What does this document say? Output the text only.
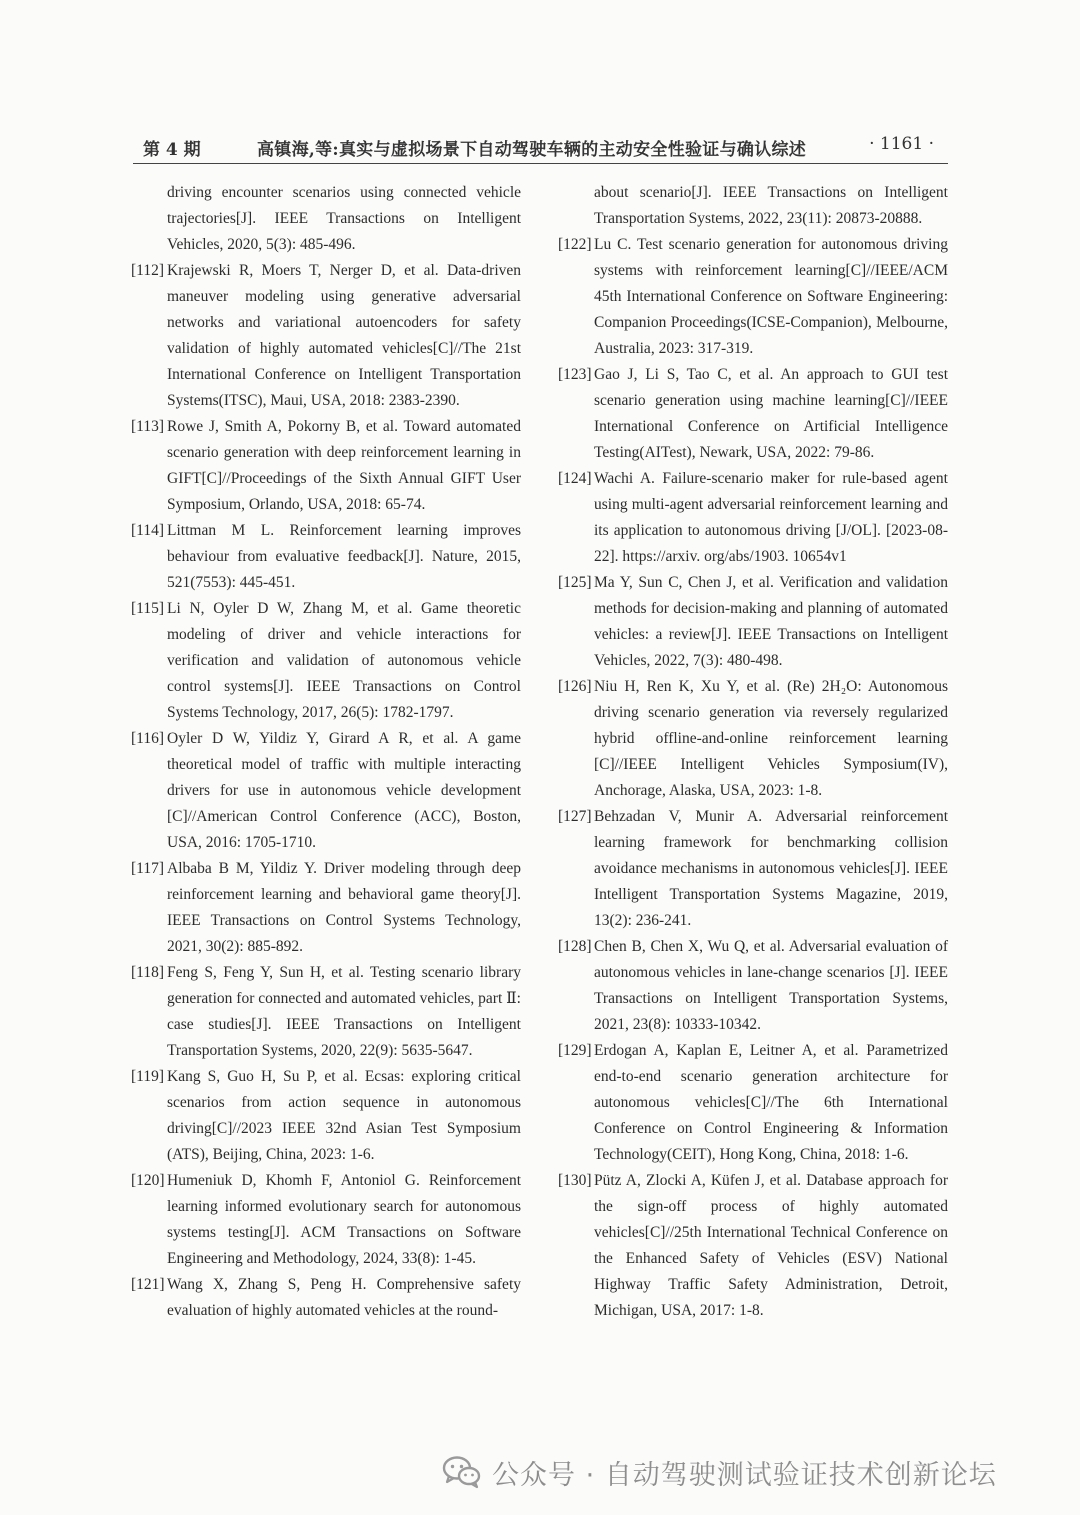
第 4 期	高镇海,等:真实与虚拟场景下自动驾驶车辆的主动安全性验证与确认综述	· 1161 ·
driving encounter scenarios using connected vehicle trajectories[J]. IEEE Transactions on Intelligent Vehicles, 2020, 5(3): 485-496.
[112] Krajewski R, Moers T, Nerger D, et al. Data-driven maneuver modeling using generative adversarial networks and variational autoencoders for safety validation of highly automated vehicles[C]//The 21st International Conference on Intelligent Transportation Systems(ITSC), Maui, USA, 2018: 2383-2390.
[113] Rowe J, Smith A, Pokorny B, et al. Toward automated scenario generation with deep reinforcement learning in GIFT[C]//Proceedings of the Sixth Annual GIFT User Symposium, Orlando, USA, 2018: 65-74.
[114] Littman M L. Reinforcement learning improves behaviour from evaluative feedback[J]. Nature, 2015, 521(7553): 445-451.
[115] Li N, Oyler D W, Zhang M, et al. Game theoretic modeling of driver and vehicle interactions for verification and validation of autonomous vehicle control systems[J]. IEEE Transactions on Control Systems Technology, 2017, 26(5): 1782-1797.
[116] Oyler D W, Yildiz Y, Girard A R, et al. A game theoretical model of traffic with multiple interacting drivers for use in autonomous vehicle development [C]//American Control Conference (ACC), Boston, USA, 2016: 1705-1710.
[117] Albaba B M, Yildiz Y. Driver modeling through deep reinforcement learning and behavioral game theory[J]. IEEE Transactions on Control Systems Technology, 2021, 30(2): 885-892.
[118] Feng S, Feng Y, Sun H, et al. Testing scenario library generation for connected and automated vehicles, part Ⅱ: case studies[J]. IEEE Transactions on Intelligent Transportation Systems, 2020, 22(9): 5635-5647.
[119] Kang S, Guo H, Su P, et al. Ecsas: exploring critical scenarios from action sequence in autonomous driving[C]//2023 IEEE 32nd Asian Test Symposium (ATS), Beijing, China, 2023: 1-6.
[120] Humeniuk D, Khomh F, Antoniol G. Reinforcement learning informed evolutionary search for autonomous systems testing[J]. ACM Transactions on Software Engineering and Methodology, 2024, 33(8): 1-45.
[121] Wang X, Zhang S, Peng H. Comprehensive safety evaluation of highly automated vehicles at the round-
about scenario[J]. IEEE Transactions on Intelligent Transportation Systems, 2022, 23(11): 20873-20888.
[122] Lu C. Test scenario generation for autonomous driving systems with reinforcement learning[C]//IEEE/ACM 45th International Conference on Software Engineering: Companion Proceedings(ICSE-Companion), Melbourne, Australia, 2023: 317-319.
[123] Gao J, Li S, Tao C, et al. An approach to GUI test scenario generation using machine learning[C]//IEEE International Conference on Artificial Intelligence Testing(AITest), Newark, USA, 2022: 79-86.
[124] Wachi A. Failure-scenario maker for rule-based agent using multi-agent adversarial reinforcement learning and its application to autonomous driving [J/OL]. [2023-08-22]. https://arxiv. org/abs/1903. 10654v1
[125] Ma Y, Sun C, Chen J, et al. Verification and validation methods for decision-making and planning of automated vehicles: a review[J]. IEEE Transactions on Intelligent Vehicles, 2022, 7(3): 480-498.
[126] Niu H, Ren K, Xu Y, et al. (Re) 2H₂O: Autonomous driving scenario generation via reversely regularized hybrid offline-and-online reinforcement learning [C]//IEEE Intelligent Vehicles Symposium(IV), Anchorage, Alaska, USA, 2023: 1-8.
[127] Behzadan V, Munir A. Adversarial reinforcement learning framework for benchmarking collision avoidance mechanisms in autonomous vehicles[J]. IEEE Intelligent Transportation Systems Magazine, 2019, 13(2): 236-241.
[128] Chen B, Chen X, Wu Q, et al. Adversarial evaluation of autonomous vehicles in lane-change scenarios [J]. IEEE Transactions on Intelligent Transportation Systems, 2021, 23(8): 10333-10342.
[129] Erdogan A, Kaplan E, Leitner A, et al. Parametrized end-to-end scenario generation architecture for autonomous vehicles[C]//The 6th International Conference on Control Engineering & Information Technology(CEIT), Hong Kong, China, 2018: 1-6.
[130] Pütz A, Zlocki A, Küfen J, et al. Database approach for the sign-off process of highly automated vehicles[C]//25th International Technical Conference on the Enhanced Safety of Vehicles (ESV) National Highway Traffic Safety Administration, Detroit, Michigan, USA, 2017: 1-8.
公众号 · 自动驾驶测试验证技术创新论坛
